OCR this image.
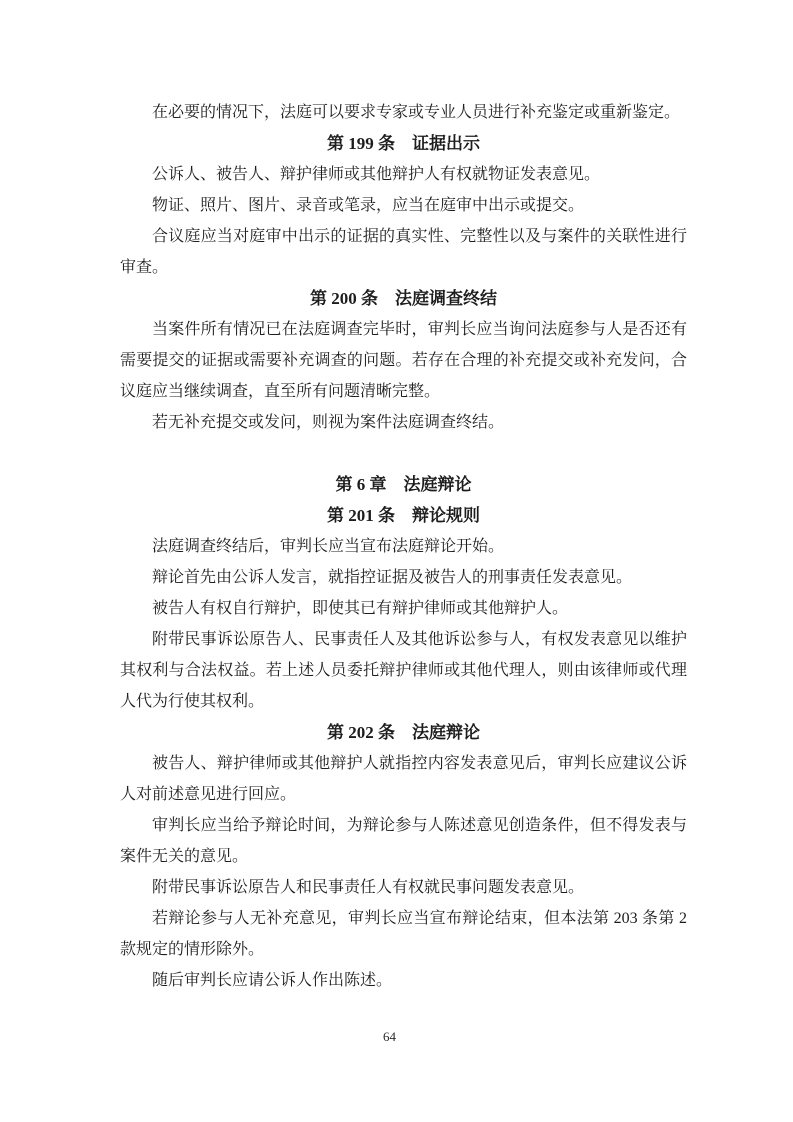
在必要的情况下，法庭可以要求专家或专业人员进行补充鉴定或重新鉴定。

第 199 条　证据出示

公诉人、被告人、辩护律师或其他辩护人有权就物证发表意见。

物证、照片、图片、录音或笔录，应当在庭审中出示或提交。

合议庭应当对庭审中出示的证据的真实性、完整性以及与案件的关联性进行审查。

第 200 条　法庭调查终结

当案件所有情况已在法庭调查完毕时，审判长应当询问法庭参与人是否还有需要提交的证据或需要补充调查的问题。若存在合理的补充提交或补充发问，合议庭应当继续调查，直至所有问题清晰完整。

若无补充提交或发问，则视为案件法庭调查终结。

第 6 章　法庭辩论
第 201 条　辩论规则

法庭调查终结后，审判长应当宣布法庭辩论开始。

辩论首先由公诉人发言，就指控证据及被告人的刑事责任发表意见。

被告人有权自行辩护，即使其已有辩护律师或其他辩护人。

附带民事诉讼原告人、民事责任人及其他诉讼参与人，有权发表意见以维护其权利与合法权益。若上述人员委托辩护律师或其他代理人，则由该律师或代理人代为行使其权利。

第 202 条　法庭辩论

被告人、辩护律师或其他辩护人就指控内容发表意见后，审判长应建议公诉人对前述意见进行回应。

审判长应当给予辩论时间，为辩论参与人陈述意见创造条件，但不得发表与案件无关的意见。

附带民事诉讼原告人和民事责任人有权就民事问题发表意见。

若辩论参与人无补充意见，审判长应当宣布辩论结束，但本法第 203 条第 2 款规定的情形除外。

随后审判长应请公诉人作出陈述。

64
